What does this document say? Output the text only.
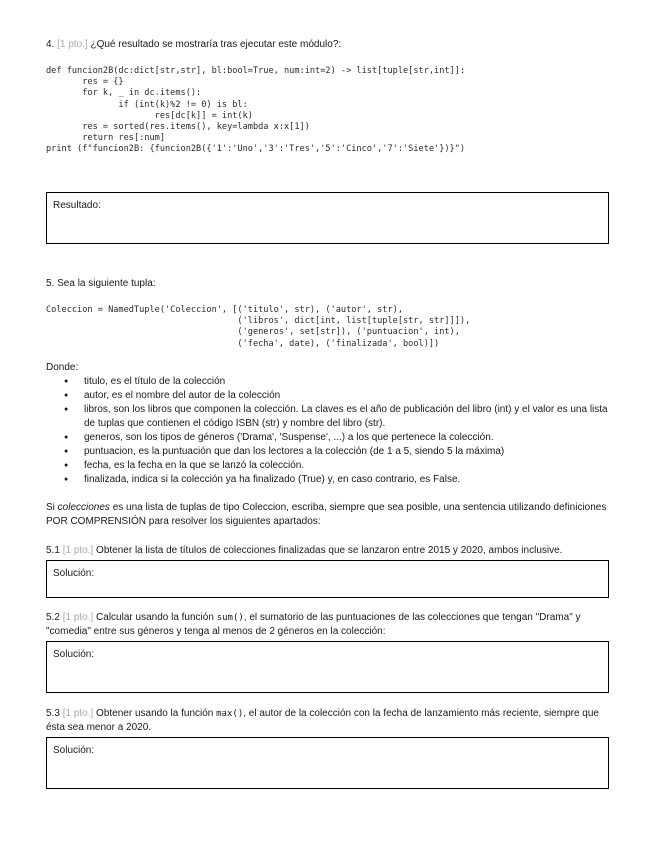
4. [1 pto.] ¿Qué resultado se mostraría tras ejecutar este módulo?:
def funcion2B(dc:dict[str,str], bl:bool=True, num:int=2) -> list[tuple[str,int]]:
res = {}
for k, _ in dc.items():
if (int(k)%2 != 0) is bl:
res[dc[k]] = int(k)
res = sorted(res.items(), key=lambda x:x[1])
return res[:num]
print (f"funcion2B: {funcion2B({'1':'Uno','3':'Tres','5':'Cinco','7':'Siete'})}")
Resultado:
5. Sea la siguiente tupla:
Coleccion = NamedTuple('Coleccion', [('titulo', str), ('autor', str),
('libros', dict[int, list[tuple[str, str]]]),
('generos', set[str]), ('puntuacion', int),
('fecha', date), ('finalizada', bool)])
Donde:
● titulo, es el título de la colección
● autor, es el nombre del autor de la colección
● libros, son los libros que componen la colección. La claves es el año de publicación del libro (int) y el valor es una lista de tuplas que contienen el código ISBN (str) y nombre del libro (str).
● generos, son los tipos de géneros ('Drama', 'Suspense', ...) a los que pertenece la colección.
● puntuacion, es la puntuación que dan los lectores a la colección (de 1 a 5, siendo 5 la máxima)
● fecha, es la fecha en la que se lanzó la colección.
● finalizada, indica si la colección ya ha finalizado (True) y, en caso contrario, es False.
Si colecciones es una lista de tuplas de tipo Coleccion, escriba, siempre que sea posible, una sentencia utilizando definiciones POR COMPRENSIÓN para resolver los siguientes apartados:
5.1 [1 pto.] Obtener la lista de títulos de colecciones finalizadas que se lanzaron entre 2015 y 2020, ambos inclusive.
Solución:
5.2 [1 pto.] Calcular usando la función sum(), el sumatorio de las puntuaciones de las colecciones que tengan "Drama" y "comedia" entre sus géneros y tenga al menos de 2 géneros en la colección:
Solución:
5.3 [1 pto.] Obtener usando la función max(), el autor de la colección con la fecha de lanzamiento más reciente, siempre que ésta sea menor a 2020.
Solución:
